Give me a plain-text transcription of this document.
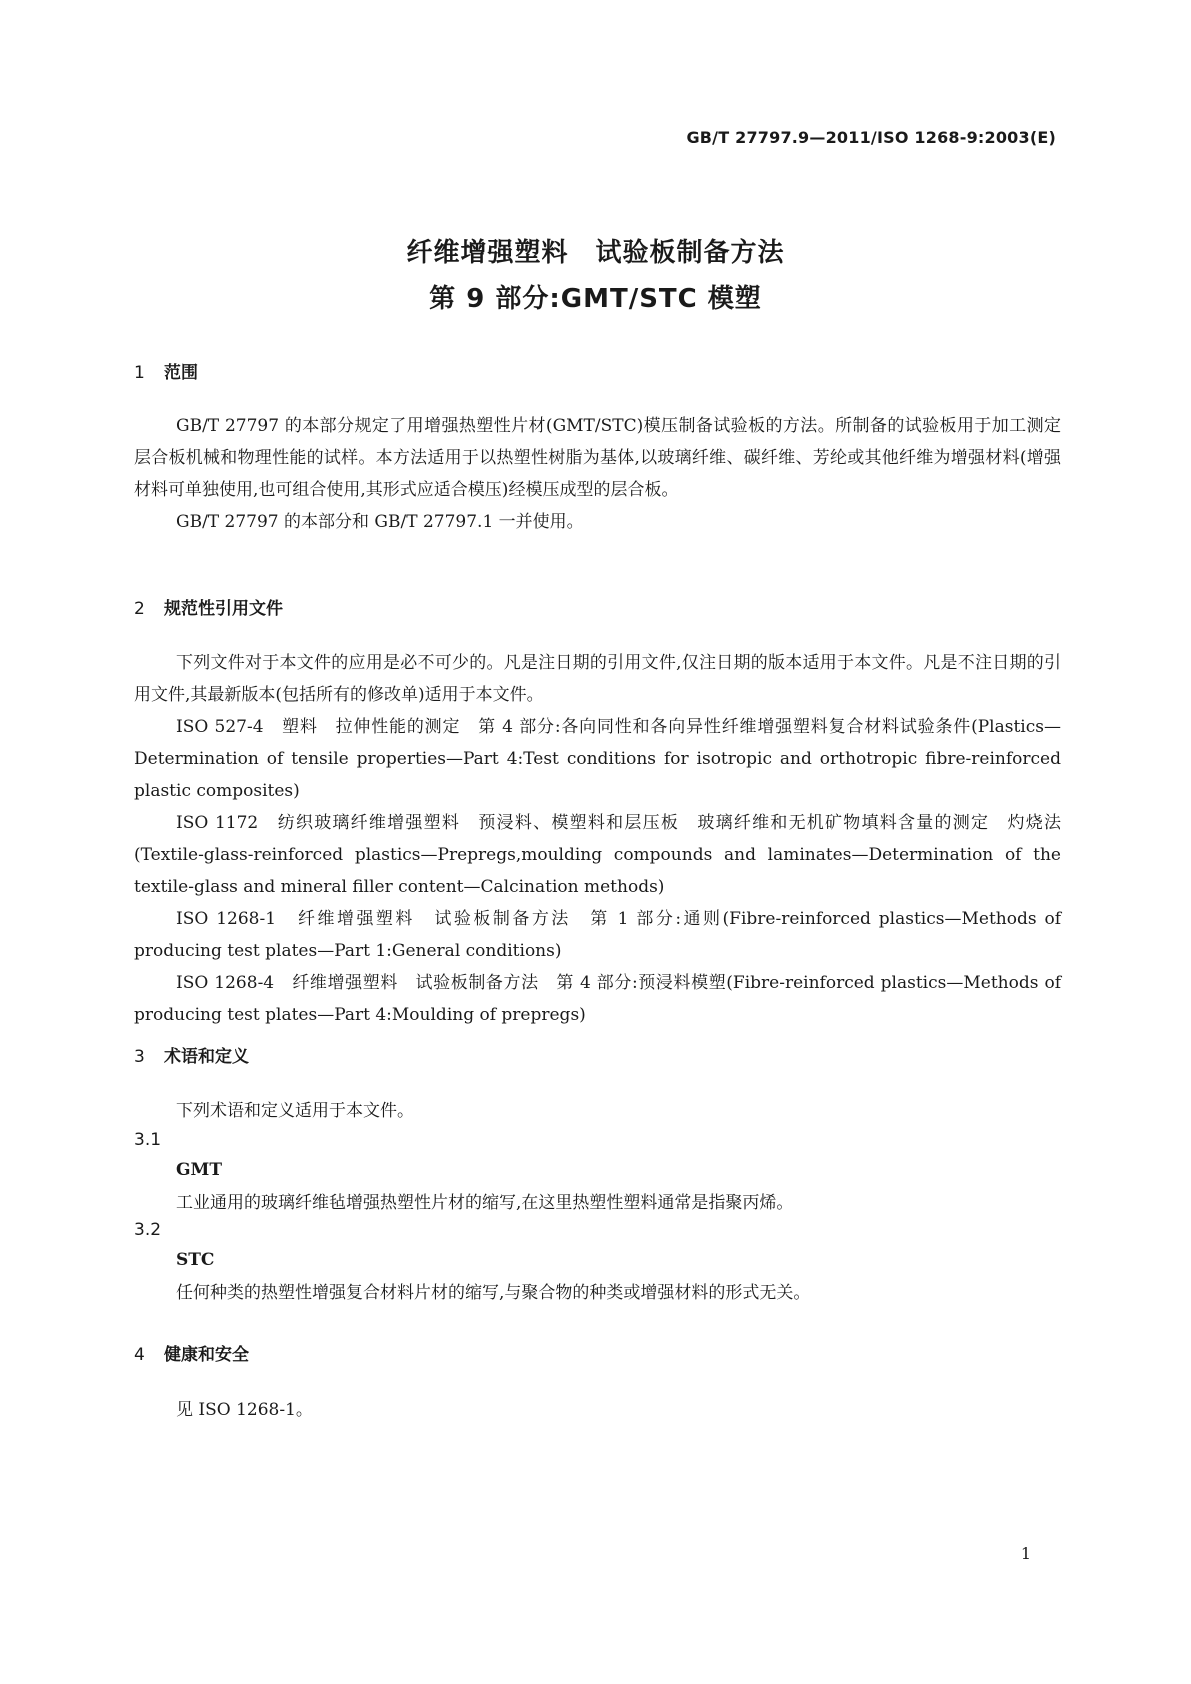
GB/T 27797.9—2011/ISO 1268-9:2003(E)
纤维增强塑料　试验板制备方法
第 9 部分:GMT/STC 模塑
1 范围

GB/T 27797 的本部分规定了用增强热塑性片材(GMT/STC)模压制备试验板的方法。所制备的试验板用于加工测定层合板机械和物理性能的试样。本方法适用于以热塑性树脂为基体,以玻璃纤维、碳纤维、芳纶或其他纤维为增强材料(增强材料可单独使用,也可组合使用,其形式应适合模压)经模压成型的层合板。

GB/T 27797 的本部分和 GB/T 27797.1 一并使用。

2 规范性引用文件

下列文件对于本文件的应用是必不可少的。凡是注日期的引用文件,仅注日期的版本适用于本文件。凡是不注日期的引用文件,其最新版本(包括所有的修改单)适用于本文件。

ISO 527-4　塑料　拉伸性能的测定　第 4 部分:各向同性和各向异性纤维增强塑料复合材料试验条件(Plastics—Determination of tensile properties—Part 4:Test conditions for isotropic and orthotropic fibre-reinforced plastic composites)

ISO 1172　纺织玻璃纤维增强塑料　预浸料、模塑料和层压板　玻璃纤维和无机矿物填料含量的测定　灼烧法(Textile-glass-reinforced plastics—Prepregs,moulding compounds and laminates—Determination of the textile-glass and mineral filler content—Calcination methods)

ISO 1268-1　纤维增强塑料　试验板制备方法　第 1 部分:通则(Fibre-reinforced plastics—Methods of producing test plates—Part 1:General conditions)

ISO 1268-4　纤维增强塑料　试验板制备方法　第 4 部分:预浸料模塑(Fibre-reinforced plastics—Methods of producing test plates—Part 4:Moulding of prepregs)

3 术语和定义

下列术语和定义适用于本文件。

3.1
GMT
工业通用的玻璃纤维毡增强热塑性片材的缩写,在这里热塑性塑料通常是指聚丙烯。
3.2
STC
任何种类的热塑性增强复合材料片材的缩写,与聚合物的种类或增强材料的形式无关。
4 健康和安全

见 ISO 1268-1。

1
